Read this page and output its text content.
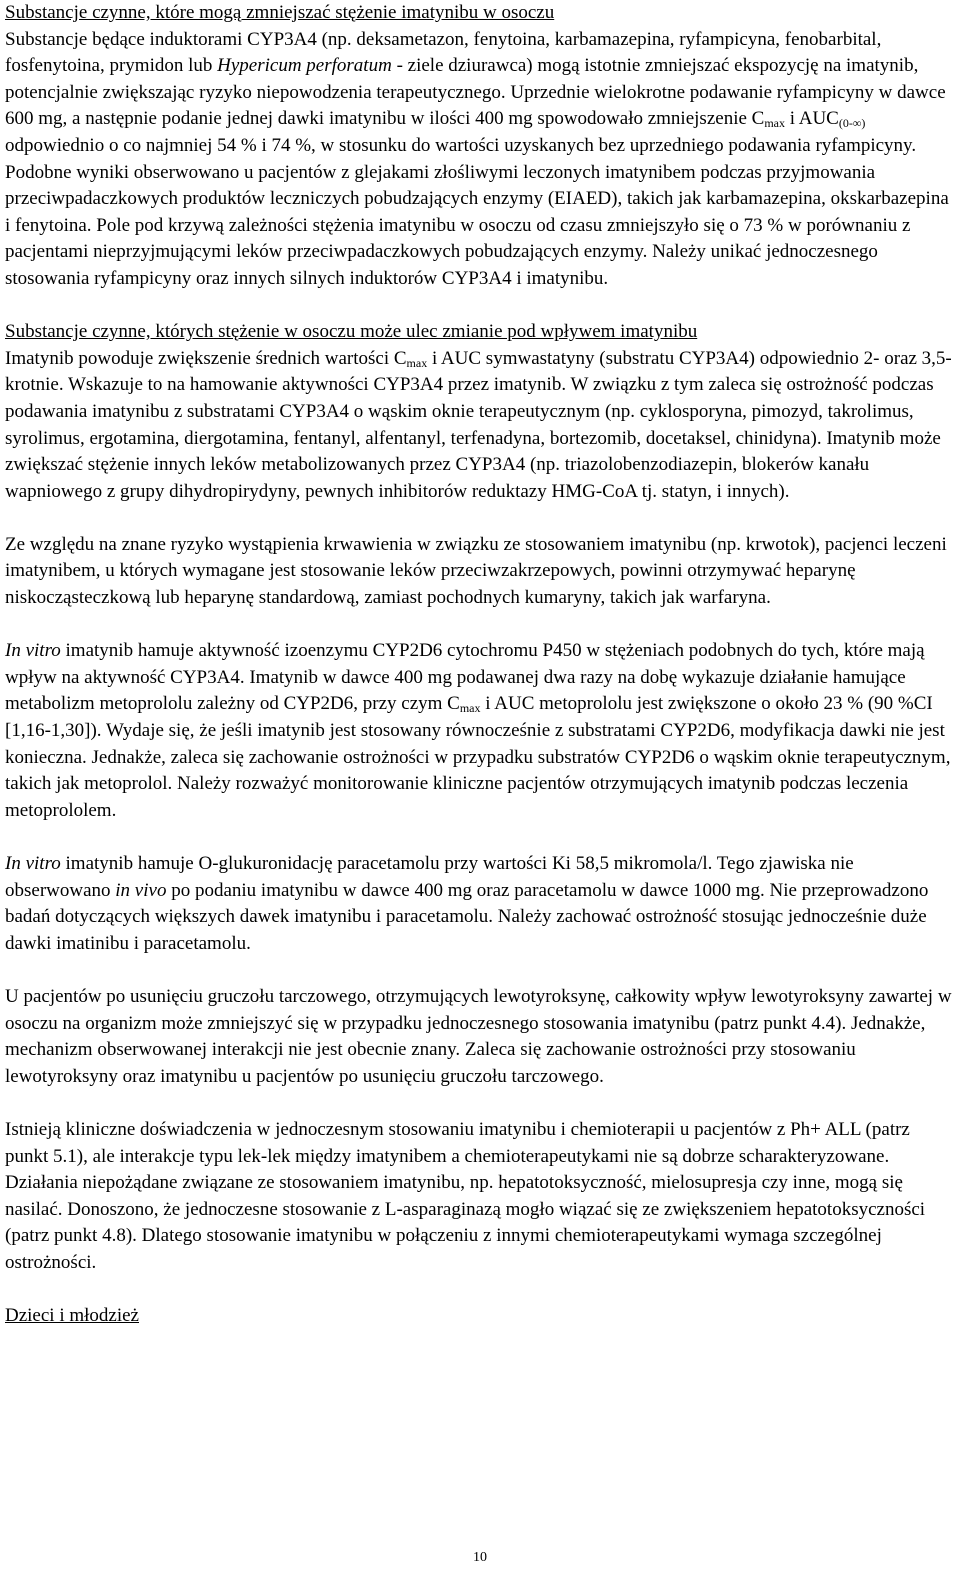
Substancje czynne, które mogą zmniejszać stężenie imatynibu w osoczu

Substancje będące induktorami CYP3A4 (np. deksametazon, fenytoina, karbamazepina, ryfampicyna, fenobarbital, fosfenytoina, prymidon lub Hypericum perforatum - ziele dziurawca) mogą istotnie zmniejszać ekspozycję na imatynib, potencjalnie zwiększając ryzyko niepowodzenia terapeutycznego. Uprzednie wielokrotne podawanie ryfampicyny w dawce 600 mg, a następnie podanie jednej dawki imatynibu w ilości 400 mg spowodowało zmniejszenie $C_{max}$ i $AUC_{(0-\infty)}$ odpowiednio o co najmniej 54 % i 74 %, w stosunku do wartości uzyskanych bez uprzedniego podawania ryfampicyny. Podobne wyniki obserwowano u pacjentów z glejakami złośliwymi leczonych imatynibem podczas przyjmowania przeciwpadaczkowych produktów leczniczych pobudzających enzymy (EIAED), takich jak karbamazepina, okskarbazepina i fenytoina. Pole pod krzywą zależności stężenia imatynibu w osoczu od czasu zmniejszyło się o 73 % w porównaniu z pacjentami nieprzyjmującymi leków przeciwpadaczkowych pobudzających enzymy. Należy unikać jednoczesnego stosowania ryfampicyny oraz innych silnych induktorów CYP3A4 i imatynibu.

Substancje czynne, których stężenie w osoczu może ulec zmianie pod wpływem imatynibu

Imatynib powoduje zwiększenie średnich wartości $C_{max}$ i AUC symwastatyny (substratu CYP3A4) odpowiednio 2- oraz 3,5-krotnie. Wskazuje to na hamowanie aktywności CYP3A4 przez imatynib. W związku z tym zaleca się ostrożność podczas podawania imatynibu z substratami CYP3A4 o wąskim oknie terapeutycznym (np. cyklosporyna, pimozyd, takrolimus, syrolimus, ergotamina, diergotamina, fentanyl, alfentanyl, terfenadyna, bortezomib, docetaksel, chinidyna). Imatynib może zwiększać stężenie innych leków metabolizowanych przez CYP3A4 (np. triazolobenzodiazepin, blokerów kanału wapniowego z grupy dihydropirydyny, pewnych inhibitorów reduktazy HMG-CoA tj. statyn, i innych).

Ze względu na znane ryzyko wystąpienia krwawienia w związku ze stosowaniem imatynibu (np. krwotok), pacjenci leczeni imatynibem, u których wymagane jest stosowanie leków przeciwzakrzepowych, powinni otrzymywać heparynę niskocząsteczkową lub heparynę standardową, zamiast pochodnych kumaryny, takich jak warfaryna.

In vitro imatynib hamuje aktywność izoenzymu CYP2D6 cytochromu P450 w stężeniach podobnych do tych, które mają wpływ na aktywność CYP3A4. Imatynib w dawce 400 mg podawanej dwa razy na dobę wykazuje działanie hamujące metabolizm metoprololu zależny od CYP2D6, przy czym $C_{max}$ i AUC metoprololu jest zwiększone o około 23 % (90 %CI [1,16-1,30]). Wydaje się, że jeśli imatynib jest stosowany równocześnie z substratami CYP2D6, modyfikacja dawki nie jest konieczna. Jednakże, zaleca się zachowanie ostrożności w przypadku substratów CYP2D6 o wąskim oknie terapeutycznym, takich jak metoprolol. Należy rozważyć monitorowanie kliniczne pacjentów otrzymujących imatynib podczas leczenia metoprololem.

In vitro imatynib hamuje O-glukuronidację paracetamolu przy wartości Ki 58,5 mikromola/l. Tego zjawiska nie obserwowano in vivo po podaniu imatynibu w dawce 400 mg oraz paracetamolu w dawce 1000 mg. Nie przeprowadzono badań dotyczących większych dawek imatynibu i paracetamolu. Należy zachować ostrożność stosując jednocześnie duże dawki imatinibu i paracetamolu.

U pacjentów po usunięciu gruczołu tarczowego, otrzymujących lewotyroksynę, całkowity wpływ lewotyroksyny zawartej w osoczu na organizm może zmniejszyć się w przypadku jednoczesnego stosowania imatynibu (patrz punkt 4.4). Jednakże, mechanizm obserwowanej interakcji nie jest obecnie znany. Zaleca się zachowanie ostrożności przy stosowaniu lewotyroksyny oraz imatynibu u pacjentów po usunięciu gruczołu tarczowego.

Istnieją kliniczne doświadczenia w jednoczesnym stosowaniu imatynibu i chemioterapii u pacjentów z Ph+ ALL (patrz punkt 5.1), ale interakcje typu lek-lek między imatynibem a chemioterapeutykami nie są dobrze scharakteryzowane. Działania niepożądane związane ze stosowaniem imatynibu, np. hepatotoksyczność, mielosupresja czy inne, mogą się nasilać. Donoszono, że jednoczesne stosowanie z L-asparaginazą mogło wiązać się ze zwiększeniem hepatotoksyczności (patrz punkt 4.8). Dlatego stosowanie imatynibu w połączeniu z innymi chemioterapeutykami wymaga szczególnej ostrożności.

Dzieci i młodzież

10
